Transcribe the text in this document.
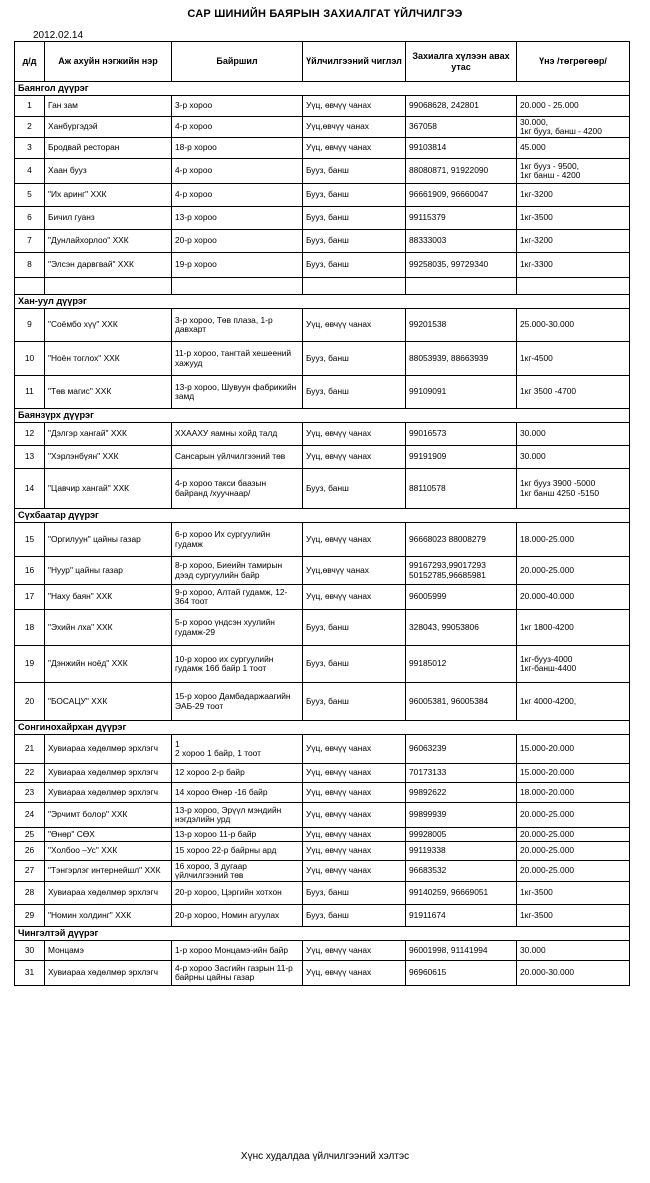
САР ШИНИЙН БАЯРЫН ЗАХИАЛГАТ ҮЙЛЧИЛГЭЭ
2012.02.14
д/д	Аж ахуйн нэгжийн нэр	Байршил	Үйлчилгээний чиглэл	Захиалга хүлээн авах утас	Үнэ /төгрөгөөр/
Баянгол дүүрэг					
1	Ган зам	3-р хороо	Уүц, өвчүү чанах	99068628, 242801	20.000 - 25.000
2	Ханбүргэдэй	4-р хороо	Уүц,өвчүү чанах	367058	30.000,
1кг бууз, банш - 4200
3	Бродвай ресторан	18-р хороо	Уүц, өвчүү чанах	99103814	45.000
4	Хаан бууз	4-р хороо	Бууз, банш	88080871, 91922090	1кг бууз - 9500,
1кг банш - 4200
5	"Их аринг" ХХК	4-р хороо	Бууз, банш	96661909, 96660047	1кг-3200
6	Бичил гуанз	13-р хороо	Бууз, банш	99115379	1кг-3500
7	"Дунлайхорлоо" ХХК	20-р хороо	Бууз, банш	88333003	1кг-3200
8	"Элсэн дарвгвай" ХХК	19-р хороо	Бууз, банш	99258035, 99729340	1кг-3300

Хан-уул дүүрэг					
9	"Соёмбо хүү" ХХК	3-р хороо, Төв плаза, 1-р давхарт	Уүц, өвчүү чанах	99201538	25.000-30.000
10	"Ноён тоглох" ХХК	11-р хороо, тангтай хешеений хажууд	Бууз, банш	88053939, 88663939	1кг-4500
11	"Төв магис" ХХК	13-р хороо, Шувуун фабрикийн замд	Бууз, банш	99109091	1кг 3500 -4700
Баянзүрх дүүрэг					
12	"Дэлгэр хангай" ХХК	ХХААХУ яамны хойд талд	Уүц, өвчүү чанах	99016573	30.000
13	"Хэрлэнбүян" ХХК	Сансарын үйлчилгээний төв	Уүц, өвчүү чанах	99191909	30.000
14	"Цавчир хангай" ХХК	4-р хороо такси баазын байранд /хуучнаар/	Бууз, банш	88110578	1кг бууз 3900 -5000
1кг банш 4250 -5150
Сүхбаатар дүүрэг					
15	"Оргилуун" цайны газар	6-р хороо Их сургуулийн гудамж	Уүц, өвчүү чанах	96668023 88008279	18.000-25.000
16	"Нуур" цайны газар	8-р хороо, Биеийн тамирын дээд сургуулийн байр	Уүц,өвчүү чанах	99167293,99017293
50152785,96685981	20.000-25.000
17	"Наху баян" ХХК	9-р хороо, Алтай гудамж, 12-364 тоот	Уүц, өвчүү чанах	96005999	20.000-40.000
18	"Эхийн лха" ХХК	5-р хороо үндсэн хуулийн гудамж-29	Бууз, банш	328043, 99053806	1кг 1800-4200
19	"Дэнжийн ноёд" ХХК	10-р хороо их сургуулийн гудамж 16б байр 1 тоот	Бууз, банш	99185012	1кг-бууз-4000
1кг-банш-4400
20	"БОСАЦУ" ХХК	15-р хороо Дамбадаржаагийн ЭАБ-29 тоот	Бууз, банш	96005381, 96005384	1кг 4000-4200,
Сонгинохайрхан дүүрэг					
21	Хувиараа хөдөлмөр эрхлэгч	1
2 хороо 1 байр, 1 тоот	Уүц, өвчүү чанах	96063239	15.000-20.000
22	Хувиараа хөдөлмөр эрхлэгч	12 хороо 2-р байр	Уүц, өвчүү чанах	70173133	15.000-20.000
23	Хувиараа хөдөлмөр эрхлэгч	14 хороо Өнөр -16 байр	Уүц, өвчүү чанах	99892622	18.000-20.000
24	"Эрчимт болор" ХХК	13-р хороо, Эрүүл мэндийн нэгдэлийн урд	Уүц, өвчүү чанах	99899939	20.000-25.000
25	"Өнөр" СӨХ	13-р хороо 11-р байр	Уүц, өвчүү чанах	99928005	20.000-25.000
26	"Холбоо –Ус" ХХК	15 хороо 22-р байрны ард	Уүц, өвчүү чанах	99119338	20.000-25.000
27	"Тэнгэрлэг интернейшл" ХХК	16 хороо, 3 дугаар үйлчилгээний төв	Уүц, өвчүү чанах	96683532	20.000-25.000
28	Хувиараа хөдөлмөр эрхлэгч	20-р хороо, Цэргийн хотхон	Бууз, банш	99140259, 96669051	1кг-3500
29	"Номин холдинг" ХХК	20-р хороо, Номин агуулах	Бууз, банш	91911674	1кг-3500
Чингэлтэй дүүрэг					
30	Монцамэ	1-р хороо Монцамэ-ийн байр	Уүц, өвчүү чанах	96001998, 91141994	30.000
31	Хувиараа хөдөлмөр эрхлэгч	4-р хороо Засгийн газрын 11-р байрны цайны газар	Уүц, өвчүү чанах	96960615	20.000-30.000
Хүнс худалдаа үйлчилгээний хэлтэс
